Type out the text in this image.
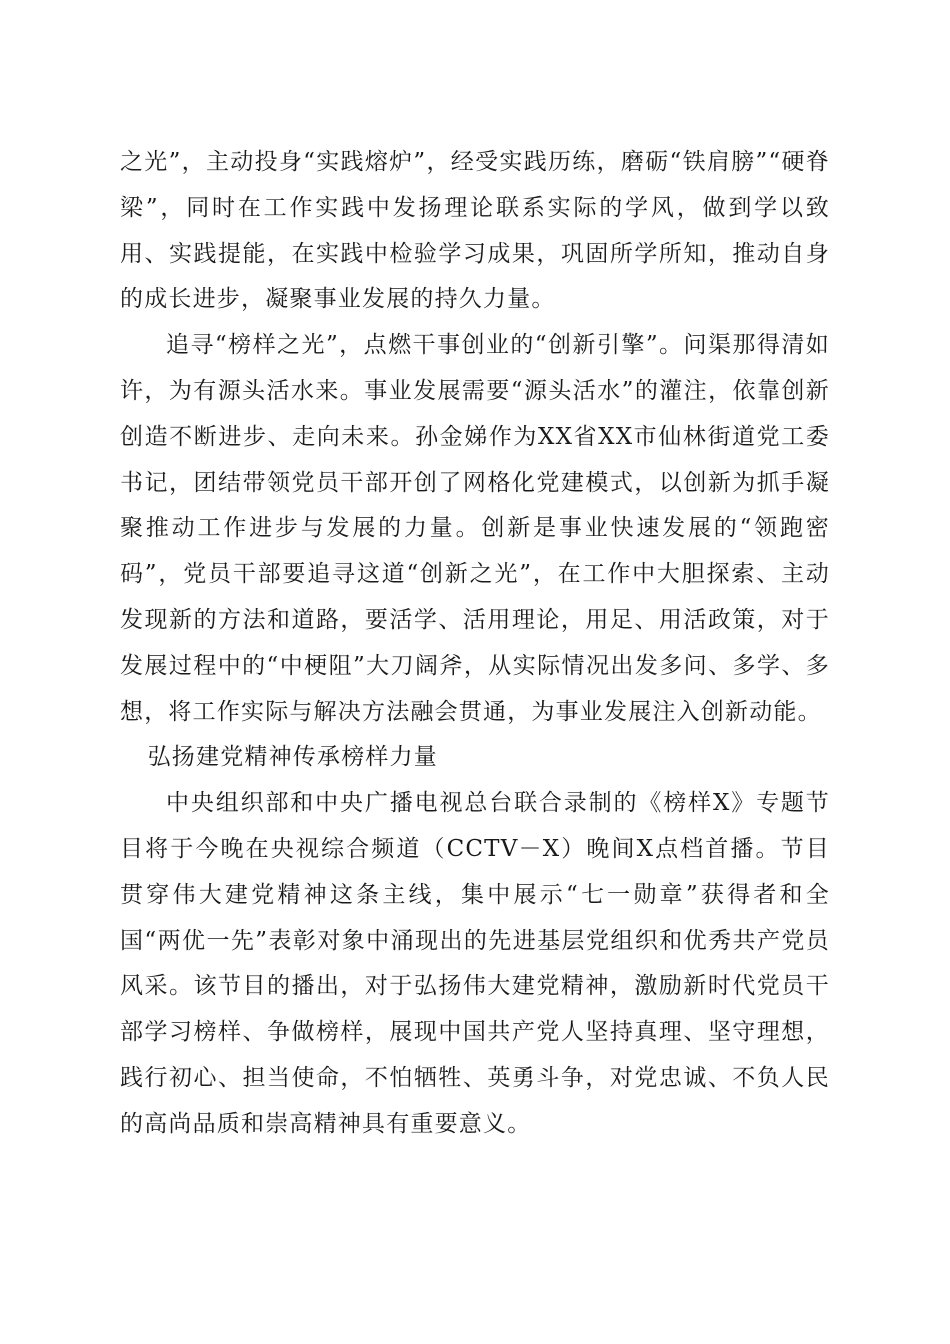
之光”，主动投身“实践熔炉”，经受实践历练，磨砺“铁肩膀”“硬脊梁”，同时在工作实践中发扬理论联系实际的学风，做到学以致用、实践提能，在实践中检验学习成果，巩固所学所知，推动自身的成长进步，凝聚事业发展的持久力量。

追寻“榜样之光”，点燃干事创业的“创新引擎”。问渠那得清如许，为有源头活水来。事业发展需要“源头活水”的灌注，依靠创新创造不断进步、走向未来。孙金娣作为XX省XX市仙林街道党工委书记，团结带领党员干部开创了网格化党建模式，以创新为抓手凝聚推动工作进步与发展的力量。创新是事业快速发展的“领跑密码”，党员干部要追寻这道“创新之光”，在工作中大胆探索、主动发现新的方法和道路，要活学、活用理论，用足、用活政策，对于发展过程中的“中梗阻”大刀阔斧，从实际情况出发多问、多学、多想，将工作实际与解决方法融会贯通，为事业发展注入创新动能。

弘扬建党精神传承榜样力量

中央组织部和中央广播电视总台联合录制的《榜样X》专题节目将于今晚在央视综合频道（CCTV－X）晚间X点档首播。节目贯穿伟大建党精神这条主线，集中展示“七一勋章”获得者和全国“两优一先”表彰对象中涌现出的先进基层党组织和优秀共产党员风采。该节目的播出，对于弘扬伟大建党精神，激励新时代党员干部学习榜样、争做榜样，展现中国共产党人坚持真理、坚守理想，践行初心、担当使命，不怕牺牲、英勇斗争，对党忠诚、不负人民的高尚品质和崇高精神具有重要意义。
